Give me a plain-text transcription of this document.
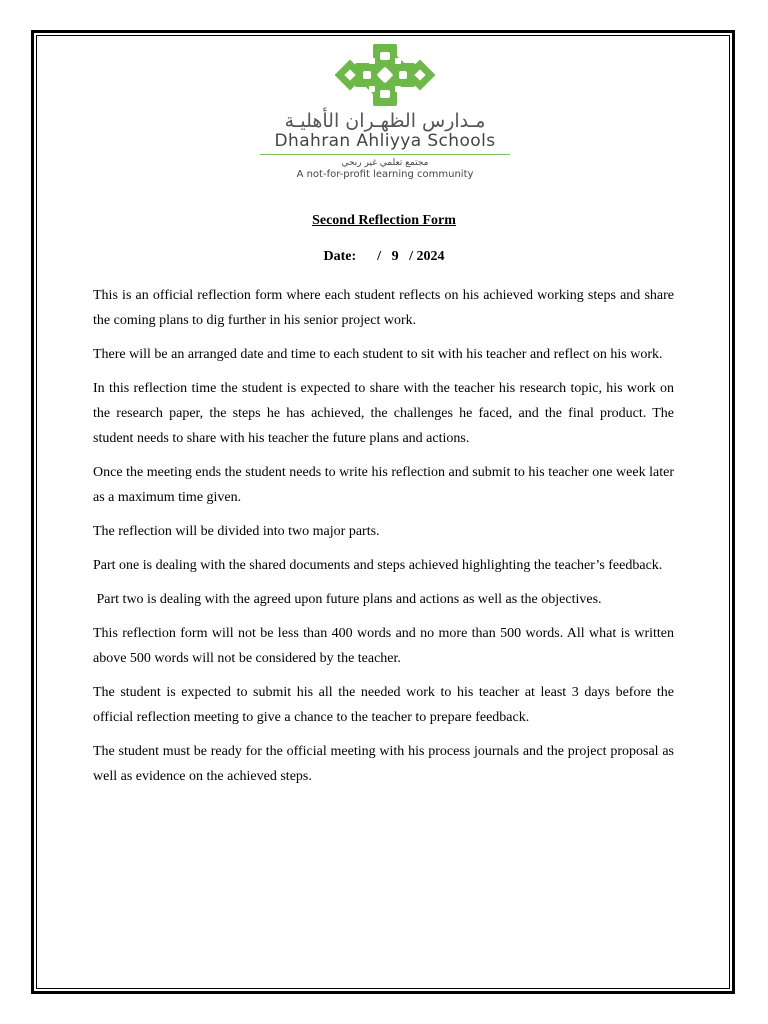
مـدارس الظهـران الأهليـة
Dhahran Ahliyya Schools
مجتمع تعلمي غير ربحي
A not-for-profit learning community
Second Reflection Form
Date:      /   9   / 2024

This is an official reflection form where each student reflects on his achieved working steps and share the coming plans to dig further in his senior project work.

There will be an arranged date and time to each student to sit with his teacher and reflect on his work.

In this reflection time the student is expected to share with the teacher his research topic, his work on the research paper, the steps he has achieved, the challenges he faced, and the final product. The student needs to share with his teacher the future plans and actions.

Once the meeting ends the student needs to write his reflection and submit to his teacher one week later as a maximum time given.

The reflection will be divided into two major parts.

Part one is dealing with the shared documents and steps achieved highlighting the teacher’s feedback.

Part two is dealing with the agreed upon future plans and actions as well as the objectives.

This reflection form will not be less than 400 words and no more than 500 words. All what is written above 500 words will not be considered by the teacher.

The student is expected to submit his all the needed work to his teacher at least 3 days before the official reflection meeting to give a chance to the teacher to prepare feedback.

The student must be ready for the official meeting with his process journals and the project proposal as well as evidence on the achieved steps.
